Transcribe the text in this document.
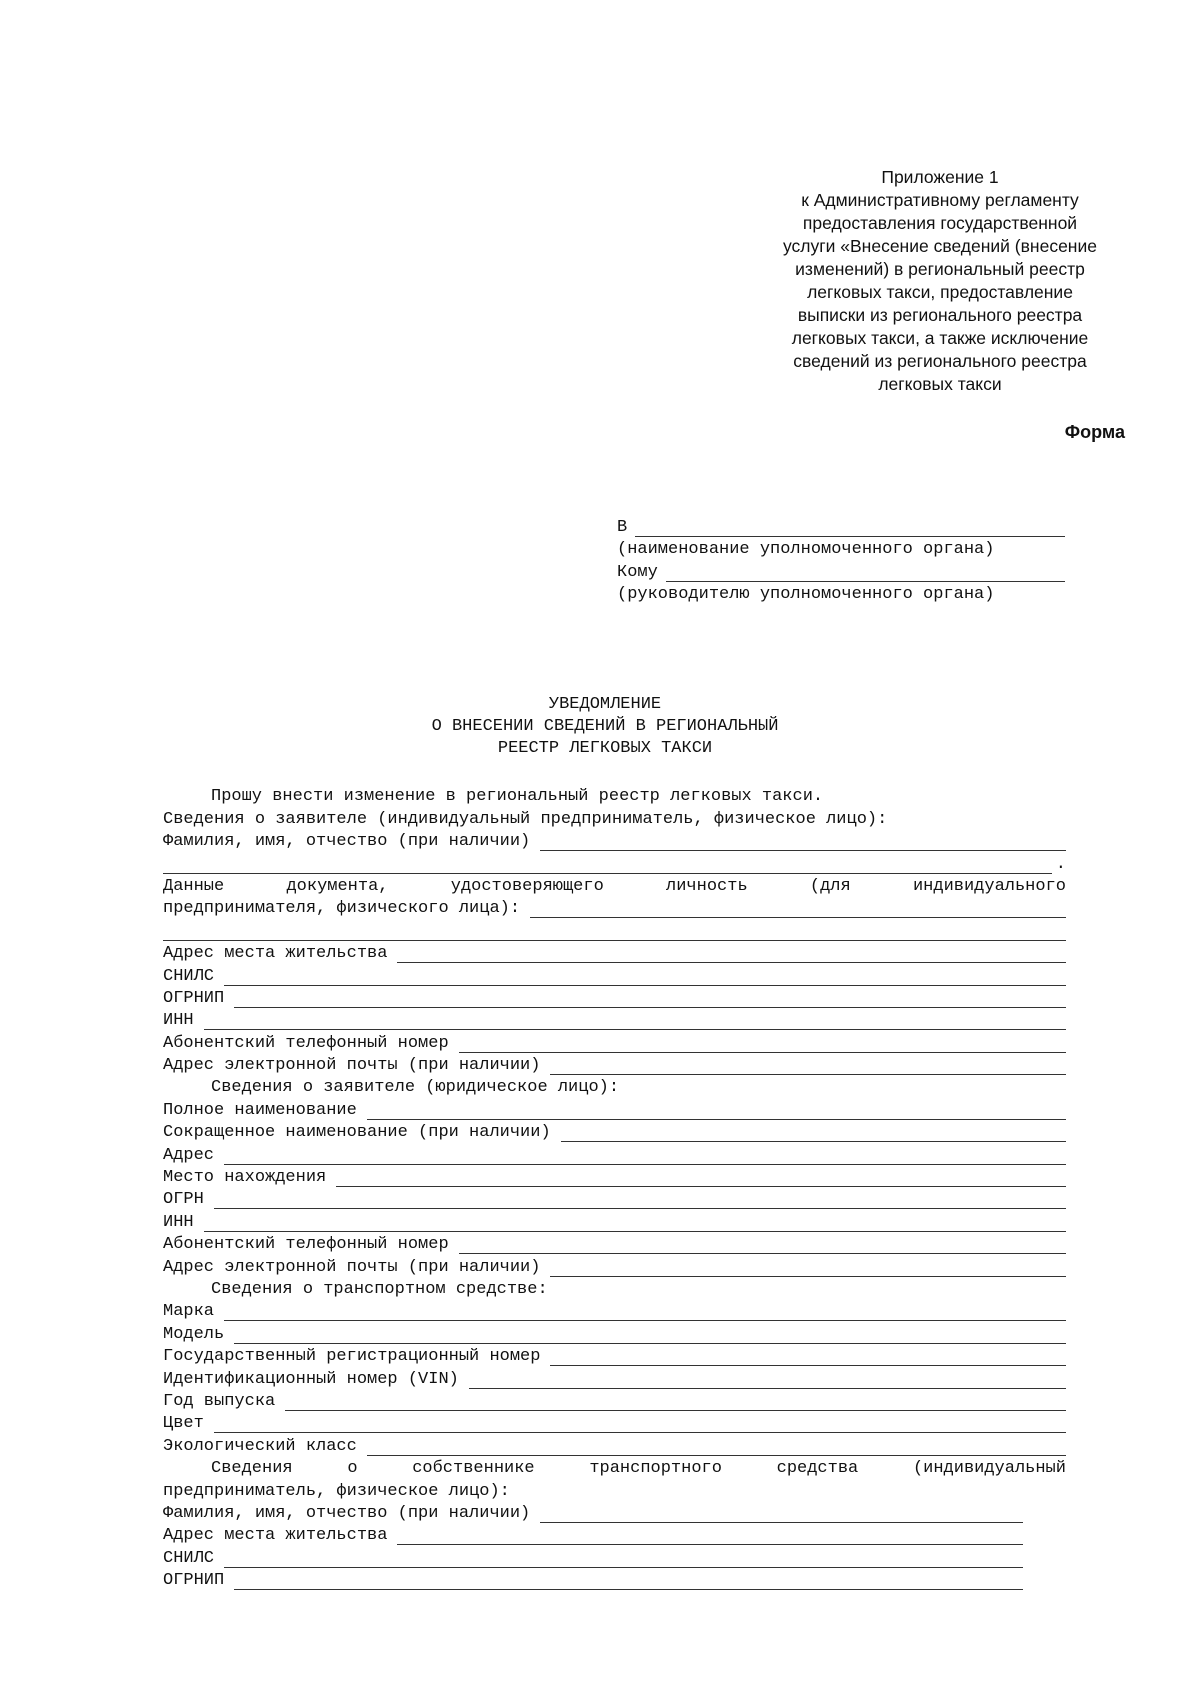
Приложение 1
к Административному регламенту
предоставления государственной
услуги «Внесение сведений (внесение
изменений) в региональный реестр
легковых такси, предоставление
выписки из регионального реестра
легковых такси, а также исключение
сведений из регионального реестра
легковых такси
Форма
В
(наименование уполномоченного органа)
Кому
(руководителю уполномоченного органа)
УВЕДОМЛЕНИЕ
О ВНЕСЕНИИ СВЕДЕНИЙ В РЕГИОНАЛЬНЫЙ
РЕЕСТР ЛЕГКОВЫХ ТАКСИ
Прошу внести изменение в региональный реестр легковых такси.
Сведения о заявителе (индивидуальный предприниматель, физическое лицо):
Фамилия, имя, отчество (при наличии)
.
Данные	документа,	удостоверяющего	личность	(для	индивидуального
предпринимателя, физического лица):
Адрес места жительства
СНИЛС
ОГРНИП
ИНН
Абонентский телефонный номер
Адрес электронной почты (при наличии)
Сведения о заявителе (юридическое лицо):
Полное наименование
Сокращенное наименование (при наличии)
Адрес
Место нахождения
ОГРН
ИНН
Абонентский телефонный номер
Адрес электронной почты (при наличии)
Сведения о транспортном средстве:
Марка
Модель
Государственный регистрационный номер
Идентификационный номер (VIN)
Год выпуска
Цвет
Экологический класс
Сведения	о	собственнике	транспортного	средства	(индивидуальный
предприниматель, физическое лицо):
Фамилия, имя, отчество (при наличии)
Адрес места жительства
СНИЛС
ОГРНИП
